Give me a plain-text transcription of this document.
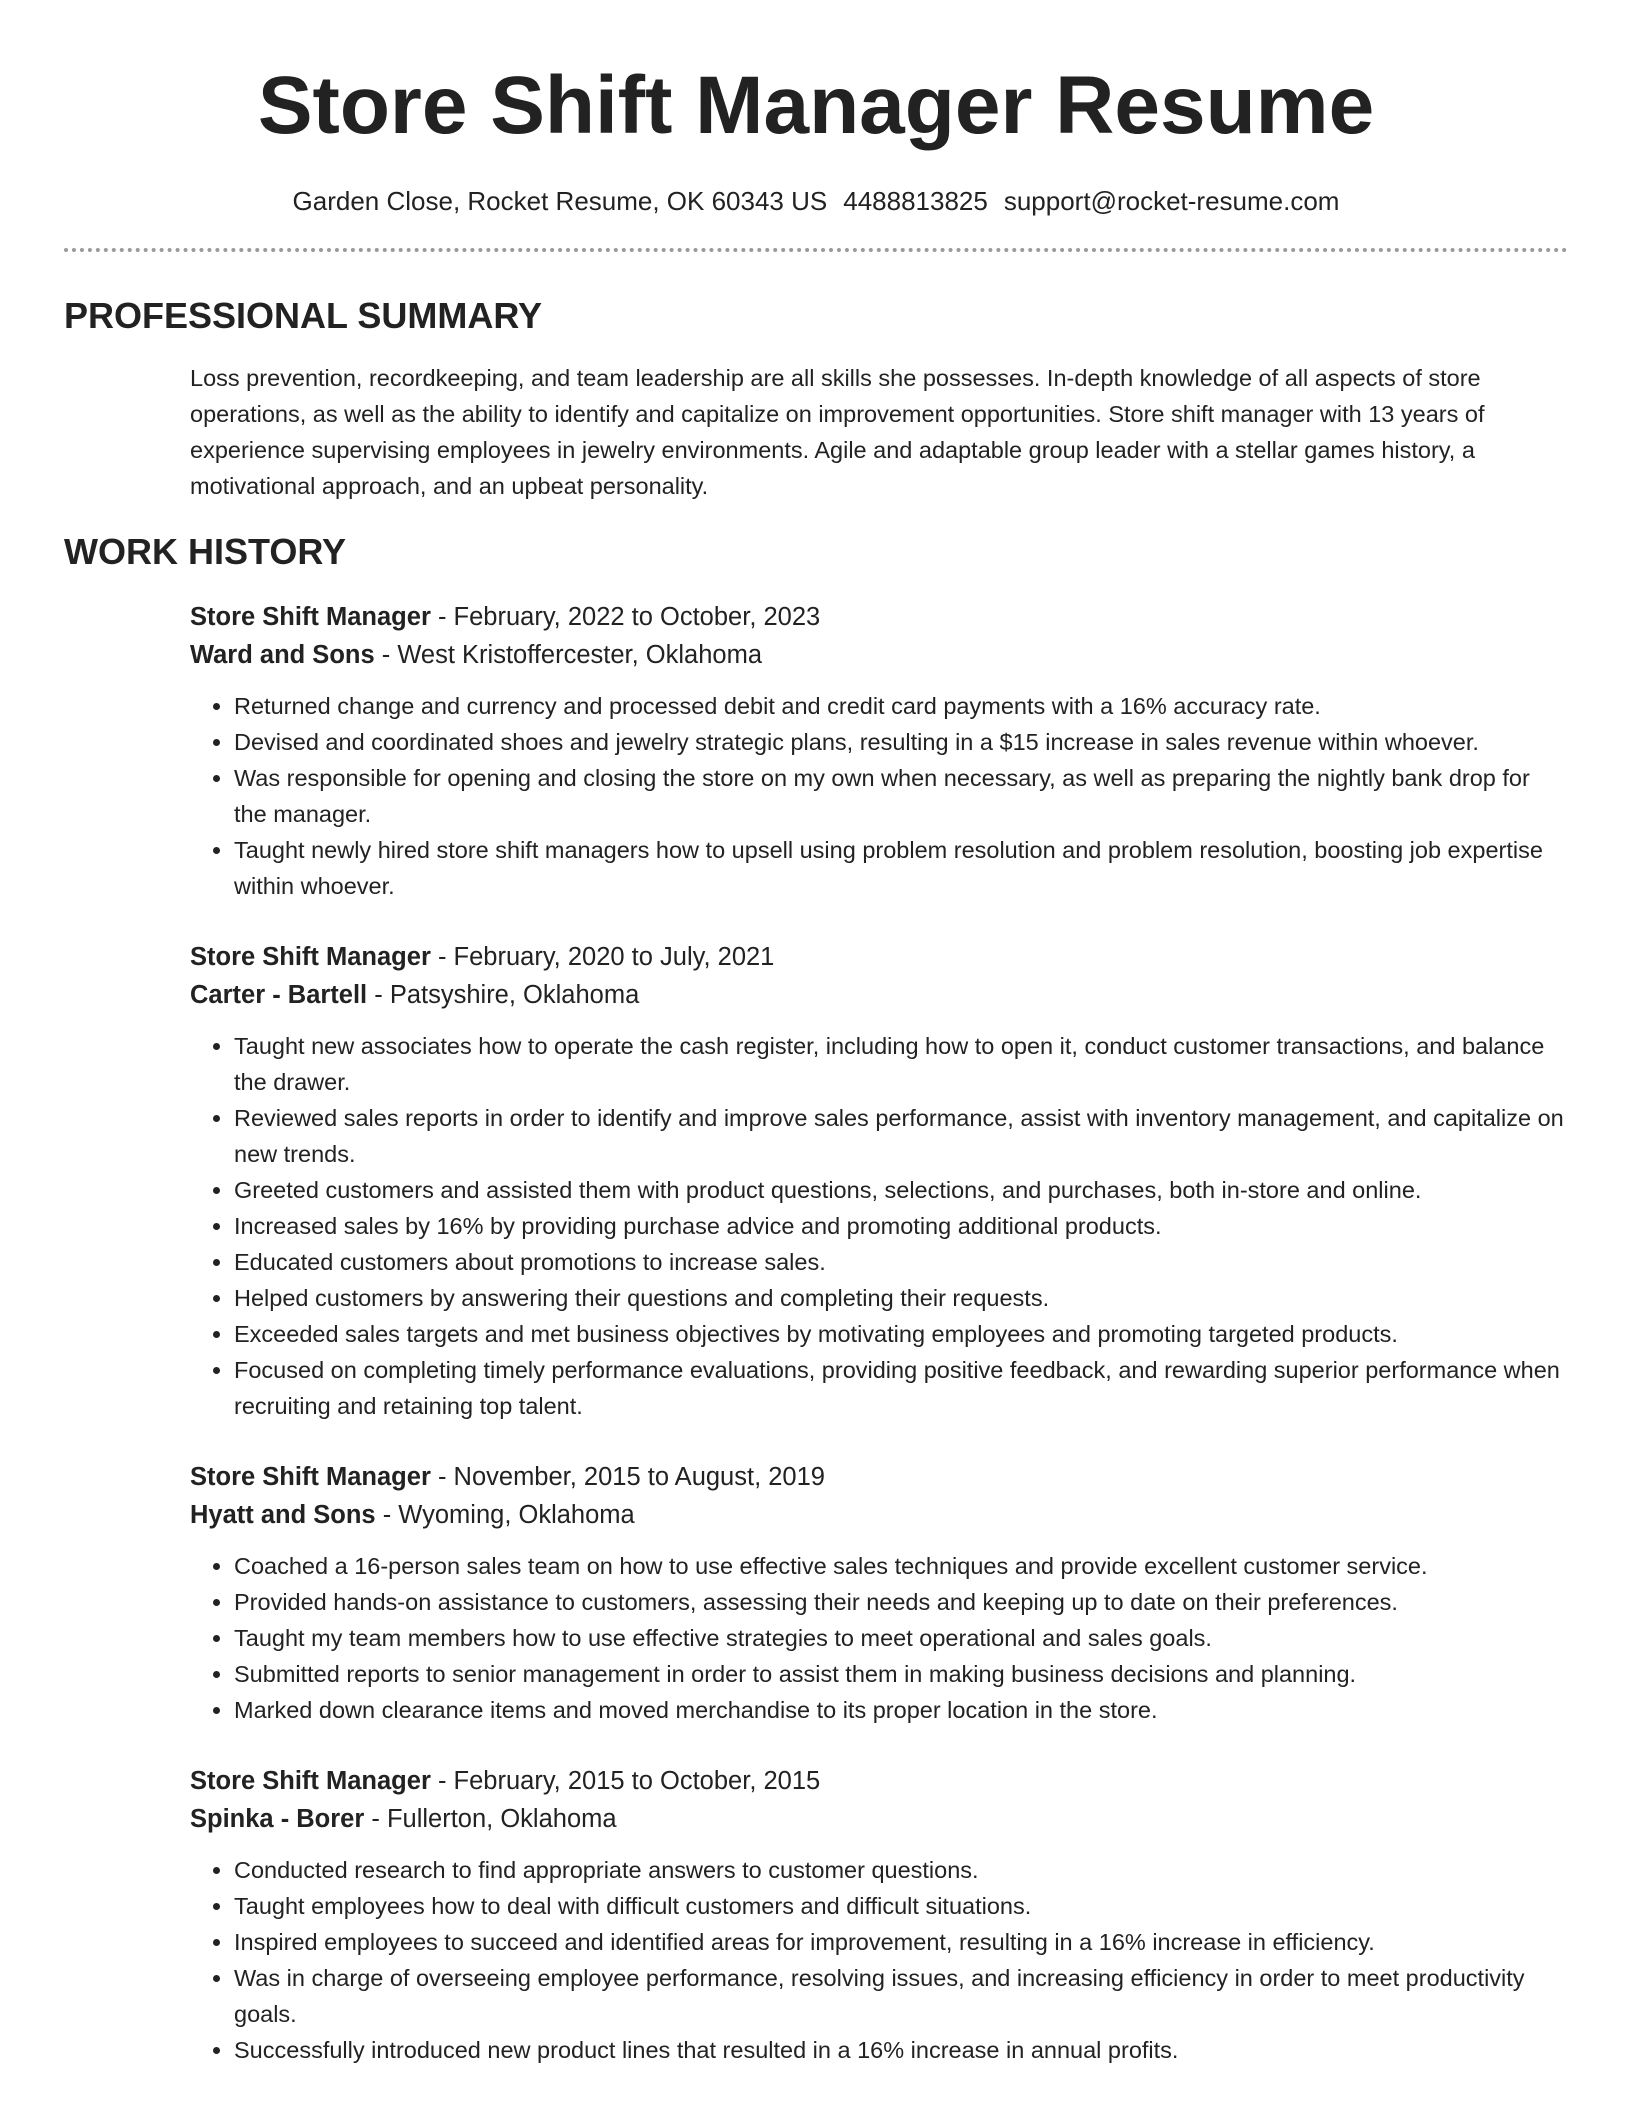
Store Shift Manager Resume
Garden Close, Rocket Resume, OK 60343 US 4488813825 support@rocket-resume.com
PROFESSIONAL SUMMARY

Loss prevention, recordkeeping, and team leadership are all skills she possesses. In-depth knowledge of all aspects of store operations, as well as the ability to identify and capitalize on improvement opportunities. Store shift manager with 13 years of experience supervising employees in jewelry environments. Agile and adaptable group leader with a stellar games history, a motivational approach, and an upbeat personality.

WORK HISTORY
Store Shift Manager - February, 2022 to October, 2023
Ward and Sons - West Kristoffercester, Oklahoma
• Returned change and currency and processed debit and credit card payments with a 16% accuracy rate.
• Devised and coordinated shoes and jewelry strategic plans, resulting in a $15 increase in sales revenue within whoever.
• Was responsible for opening and closing the store on my own when necessary, as well as preparing the nightly bank drop for the manager.
• Taught newly hired store shift managers how to upsell using problem resolution and problem resolution, boosting job expertise within whoever.
Store Shift Manager - February, 2020 to July, 2021
Carter - Bartell - Patsyshire, Oklahoma
• Taught new associates how to operate the cash register, including how to open it, conduct customer transactions, and balance the drawer.
• Reviewed sales reports in order to identify and improve sales performance, assist with inventory management, and capitalize on new trends.
• Greeted customers and assisted them with product questions, selections, and purchases, both in-store and online.
• Increased sales by 16% by providing purchase advice and promoting additional products.
• Educated customers about promotions to increase sales.
• Helped customers by answering their questions and completing their requests.
• Exceeded sales targets and met business objectives by motivating employees and promoting targeted products.
• Focused on completing timely performance evaluations, providing positive feedback, and rewarding superior performance when recruiting and retaining top talent.
Store Shift Manager - November, 2015 to August, 2019
Hyatt and Sons - Wyoming, Oklahoma
• Coached a 16-person sales team on how to use effective sales techniques and provide excellent customer service.
• Provided hands-on assistance to customers, assessing their needs and keeping up to date on their preferences.
• Taught my team members how to use effective strategies to meet operational and sales goals.
• Submitted reports to senior management in order to assist them in making business decisions and planning.
• Marked down clearance items and moved merchandise to its proper location in the store.
Store Shift Manager - February, 2015 to October, 2015
Spinka - Borer - Fullerton, Oklahoma
• Conducted research to find appropriate answers to customer questions.
• Taught employees how to deal with difficult customers and difficult situations.
• Inspired employees to succeed and identified areas for improvement, resulting in a 16% increase in efficiency.
• Was in charge of overseeing employee performance, resolving issues, and increasing efficiency in order to meet productivity goals.
• Successfully introduced new product lines that resulted in a 16% increase in annual profits.
